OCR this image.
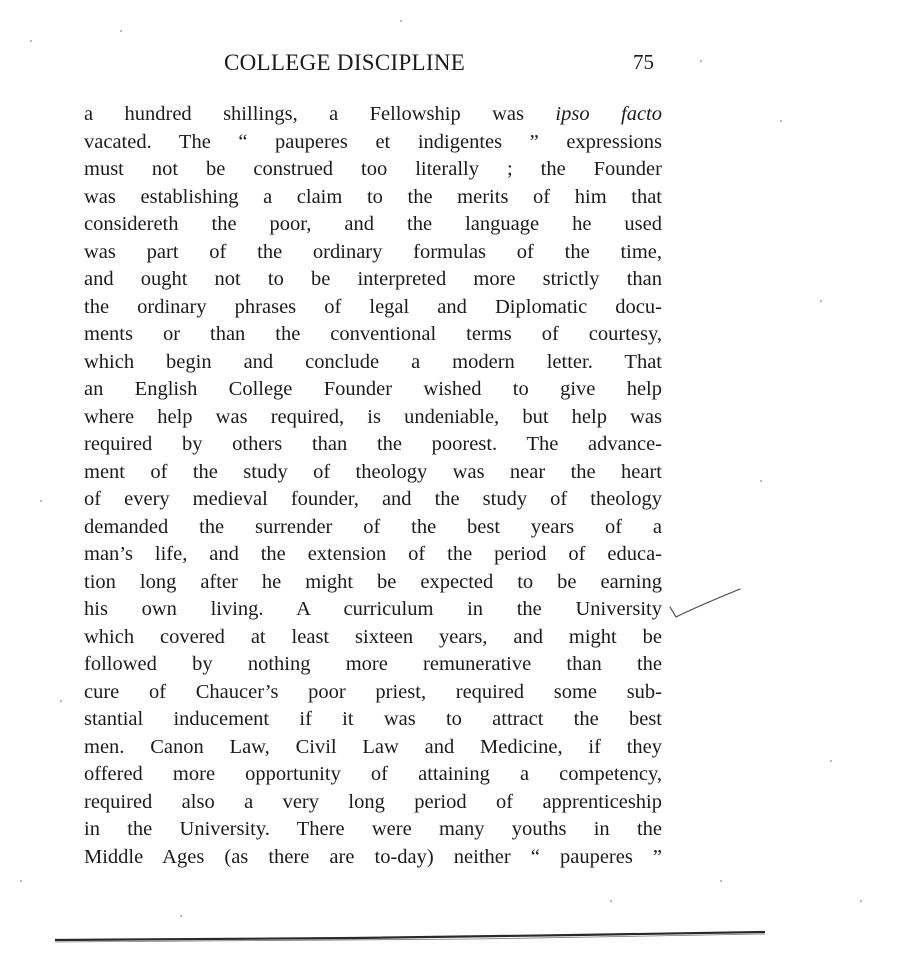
COLLEGE DISCIPLINE	75
a hundred shillings, a Fellowship was ipso facto
vacated. The “ pauperes et indigentes ” expressions
must not be construed too literally ; the Founder
was establishing a claim to the merits of him that
considereth the poor, and the language he used
was part of the ordinary formulas of the time,
and ought not to be interpreted more strictly than
the ordinary phrases of legal and Diplomatic docu-
ments or than the conventional terms of courtesy,
which begin and conclude a modern letter. That
an English College Founder wished to give help
where help was required, is undeniable, but help was
required by others than the poorest. The advance-
ment of the study of theology was near the heart
of every medieval founder, and the study of theology
demanded the surrender of the best years of a
man’s life, and the extension of the period of educa-
tion long after he might be expected to be earning
his own living. A curriculum in the University
which covered at least sixteen years, and might be
followed by nothing more remunerative than the
cure of Chaucer’s poor priest, required some sub-
stantial inducement if it was to attract the best
men. Canon Law, Civil Law and Medicine, if they
offered more opportunity of attaining a competency,
required also a very long period of apprenticeship
in the University. There were many youths in the
Middle Ages (as there are to-day) neither “ pauperes ”
